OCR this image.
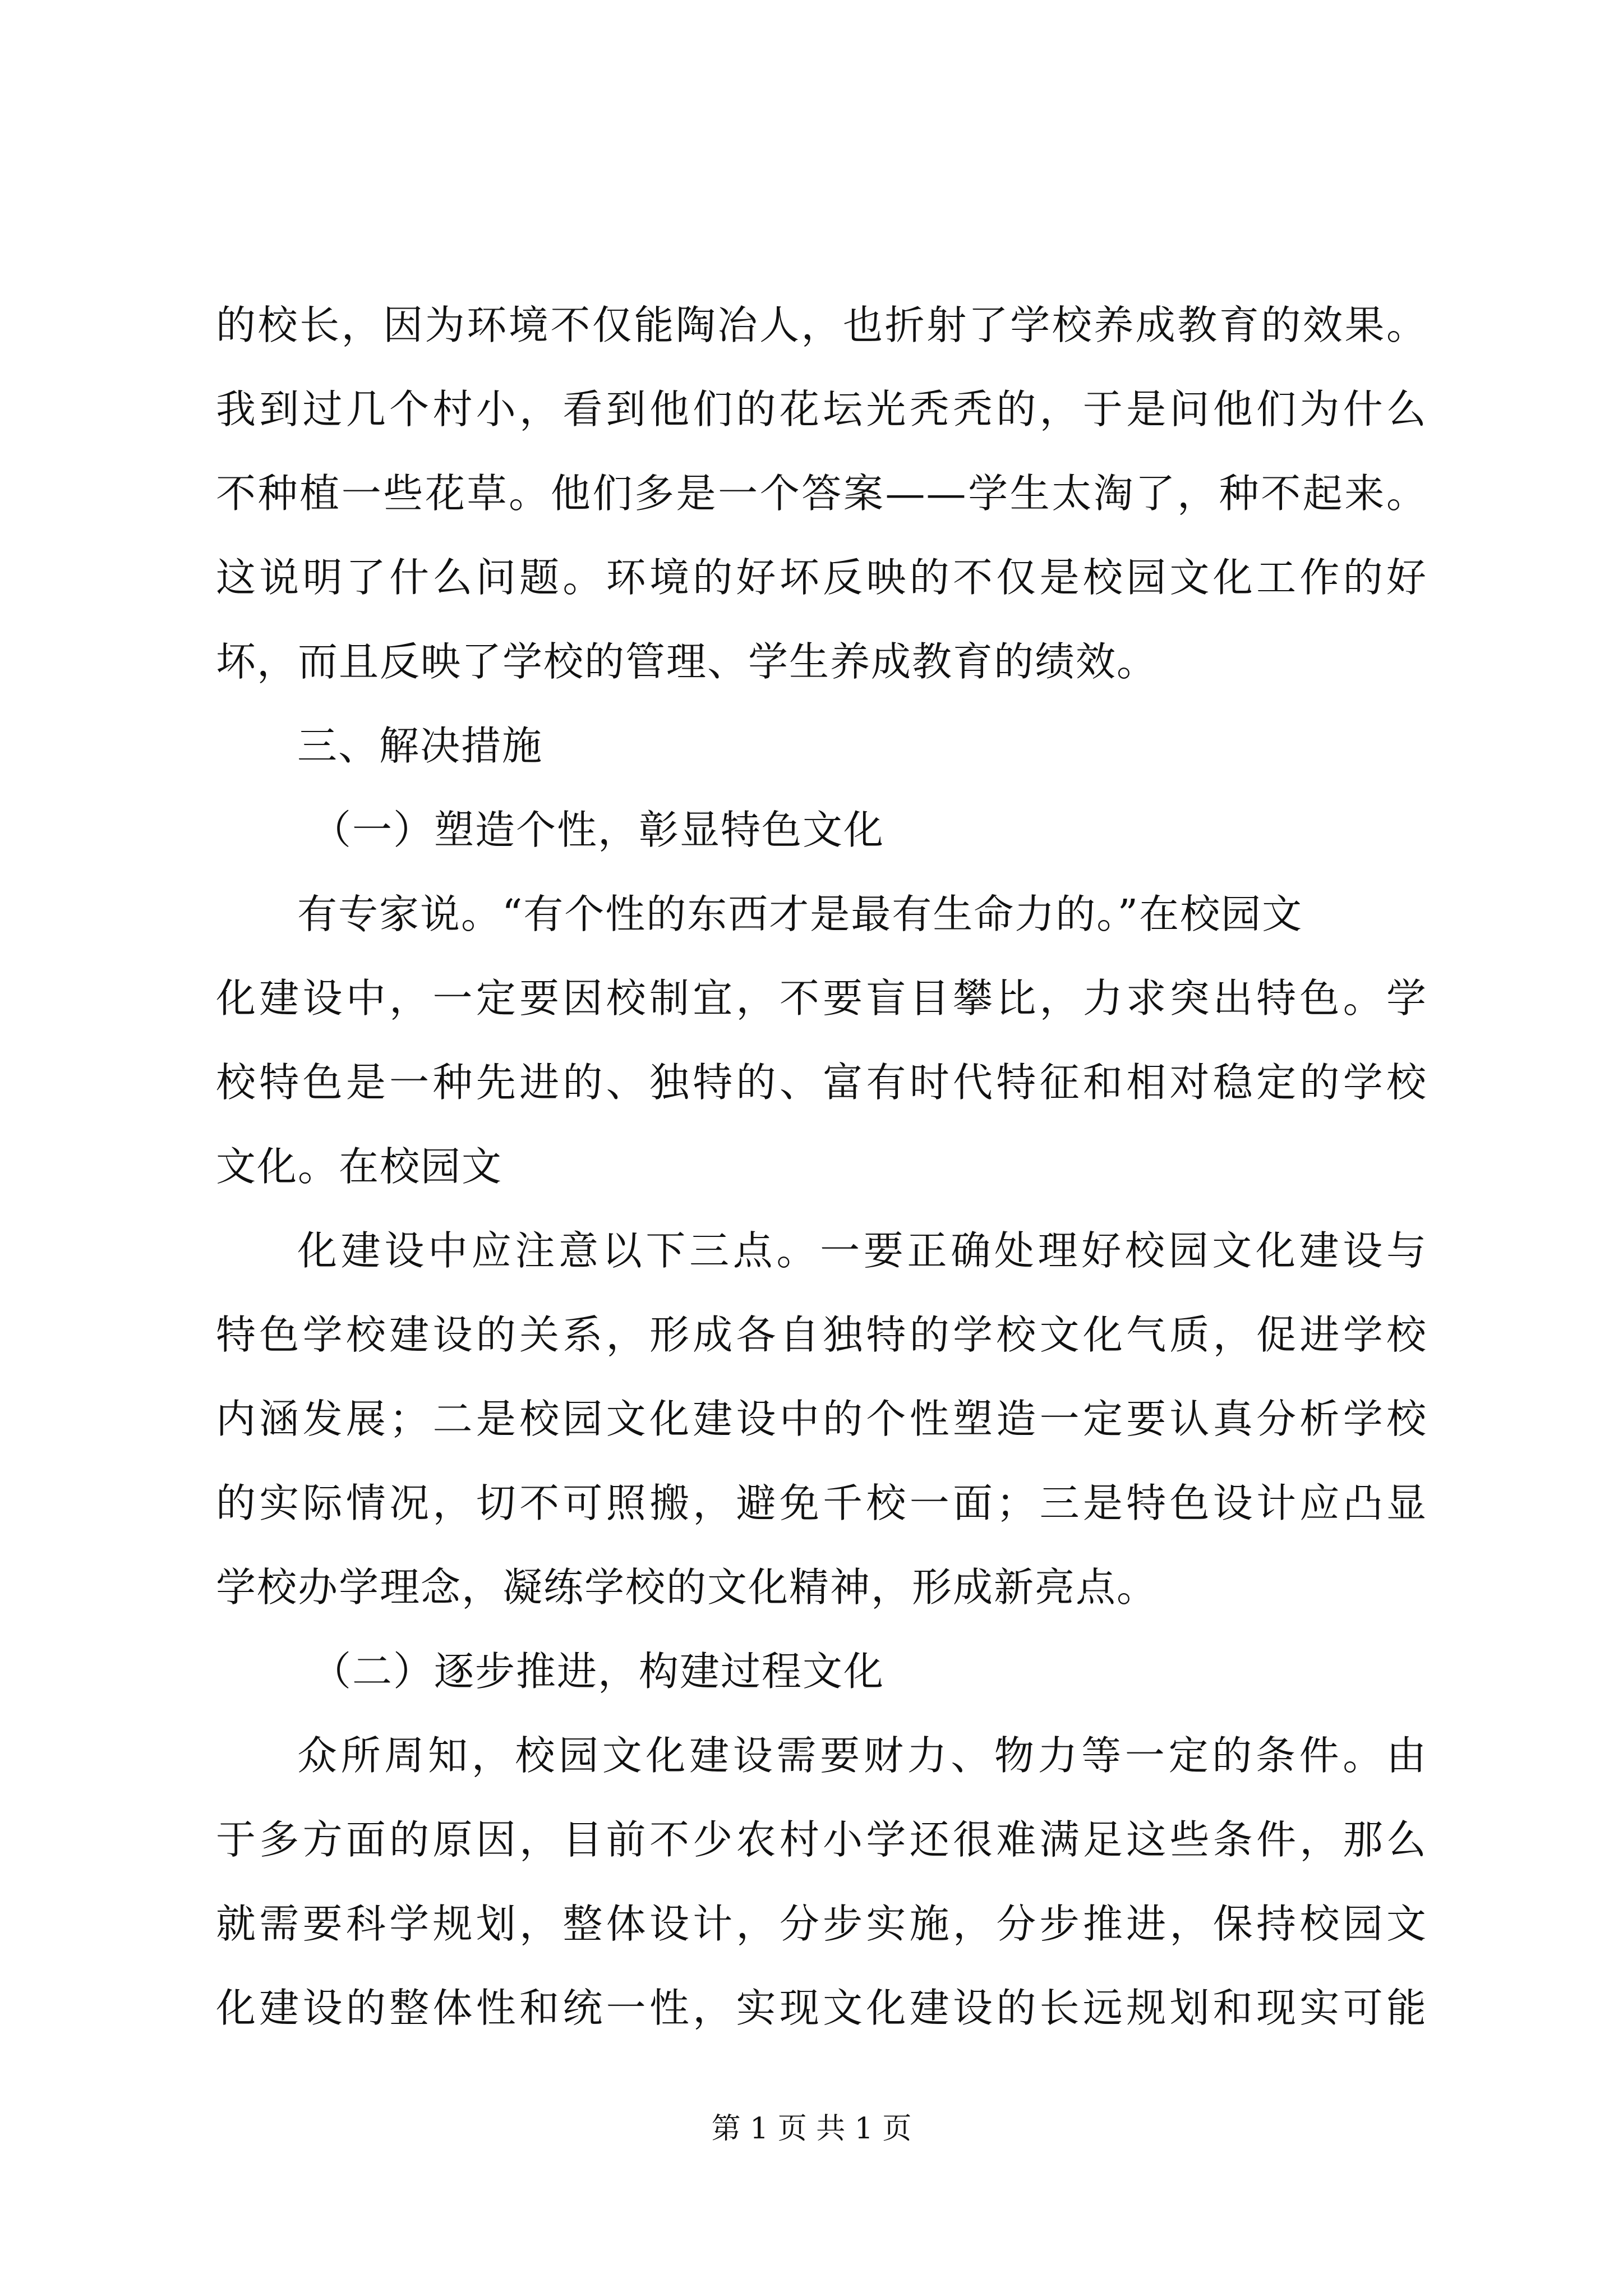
的校长，因为环境不仅能陶冶人，也折射了学校养成教育的效果。
我到过几个村小，看到他们的花坛光秃秃的，于是问他们为什么
不种植一些花草。他们多是一个答案——学生太淘了，种不起来。
这说明了什么问题。环境的好坏反映的不仅是校园文化工作的好
坏，而且反映了学校的管理、学生养成教育的绩效。
三、解决措施
（一）塑造个性，彰显特色文化
有专家说。“有个性的东西才是最有生命力的。”在校园文
化建设中，一定要因校制宜，不要盲目攀比，力求突出特色。学
校特色是一种先进的、独特的、富有时代特征和相对稳定的学校
文化。在校园文
化建设中应注意以下三点。一要正确处理好校园文化建设与
特色学校建设的关系，形成各自独特的学校文化气质，促进学校
内涵发展；二是校园文化建设中的个性塑造一定要认真分析学校
的实际情况，切不可照搬，避免千校一面；三是特色设计应凸显
学校办学理念，凝练学校的文化精神，形成新亮点。
（二）逐步推进，构建过程文化
众所周知，校园文化建设需要财力、物力等一定的条件。由
于多方面的原因，目前不少农村小学还很难满足这些条件，那么
就需要科学规划，整体设计，分步实施，分步推进，保持校园文
化建设的整体性和统一性，实现文化建设的长远规划和现实可能
第 1 页 共 1 页
